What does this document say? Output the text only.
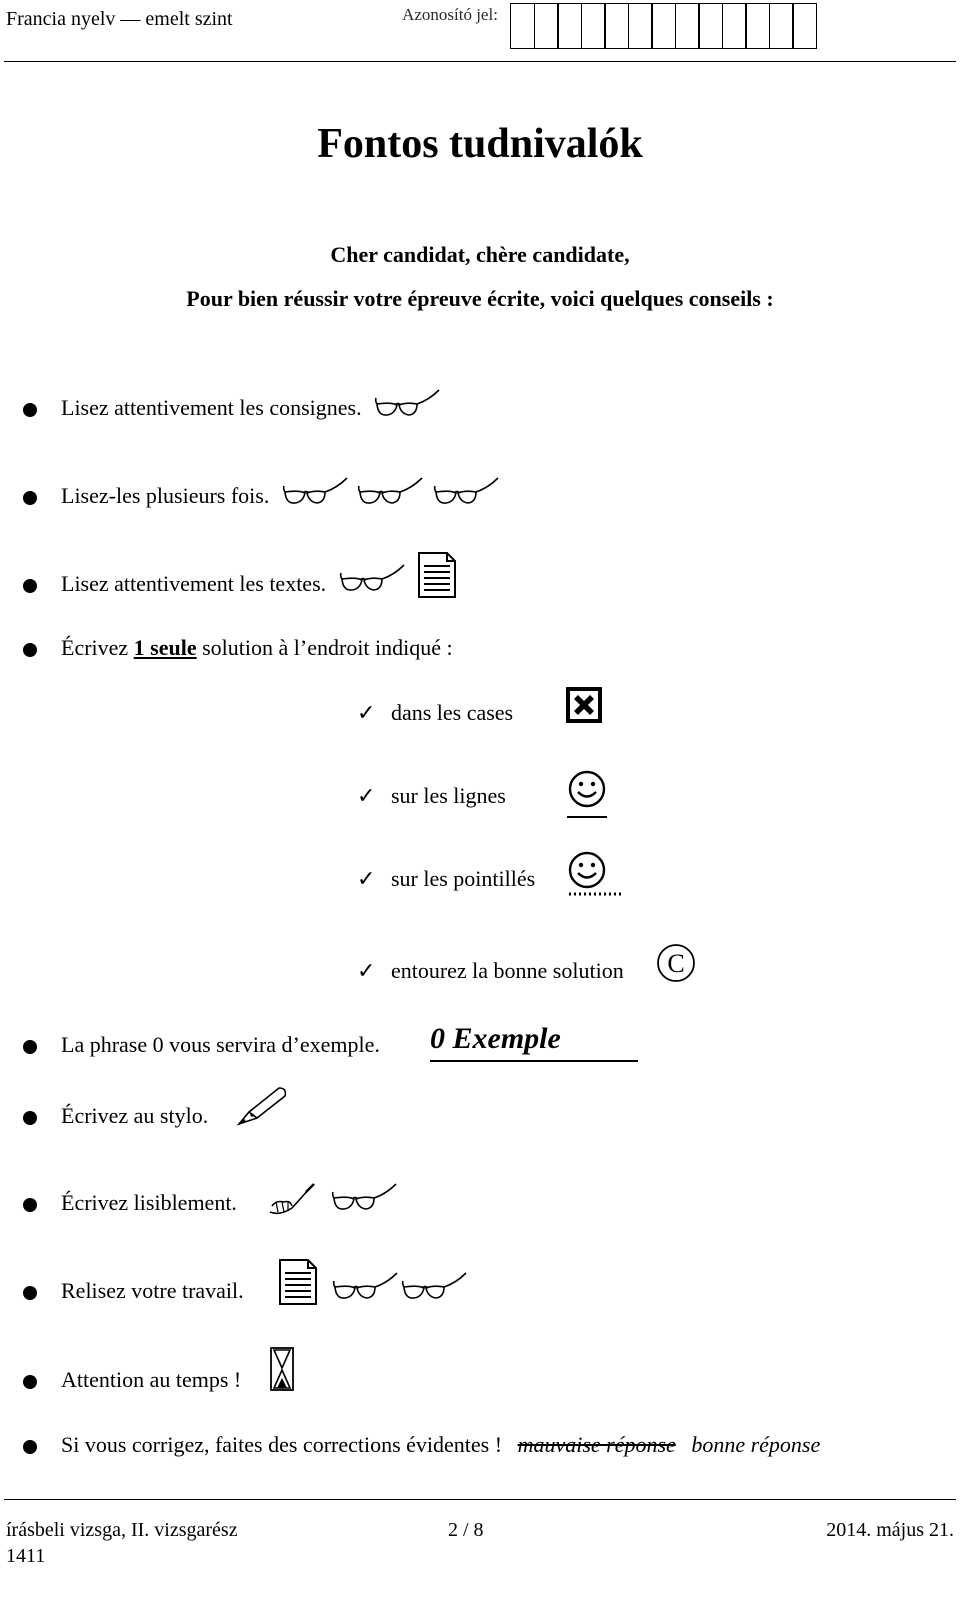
Francia nyelv — emelt szint	Azonosító jel:
Fontos tudnivalók
Cher candidat, chère candidate,
Pour bien réussir votre épreuve écrite, voici quelques conseils :
Lisez attentivement les consignes.
Lisez-les plusieurs fois.
Lisez attentivement les textes.
Écrivez 1 seule solution à l’endroit indiqué :
✓ dans les cases
✓ sur les lignes
✓ sur les pointillés
✓ entourez la bonne solution C
La phrase 0 vous servira d’exemple. 0 Exemple
Écrivez au stylo.
Écrivez lisiblement.
Relisez votre travail.
Attention au temps !
Si vous corrigez, faites des corrections évidentes ! mauvaise réponse bonne réponse
írásbeli vizsga, II. vizsgarész
1411
2 / 8	2014. május 21.
